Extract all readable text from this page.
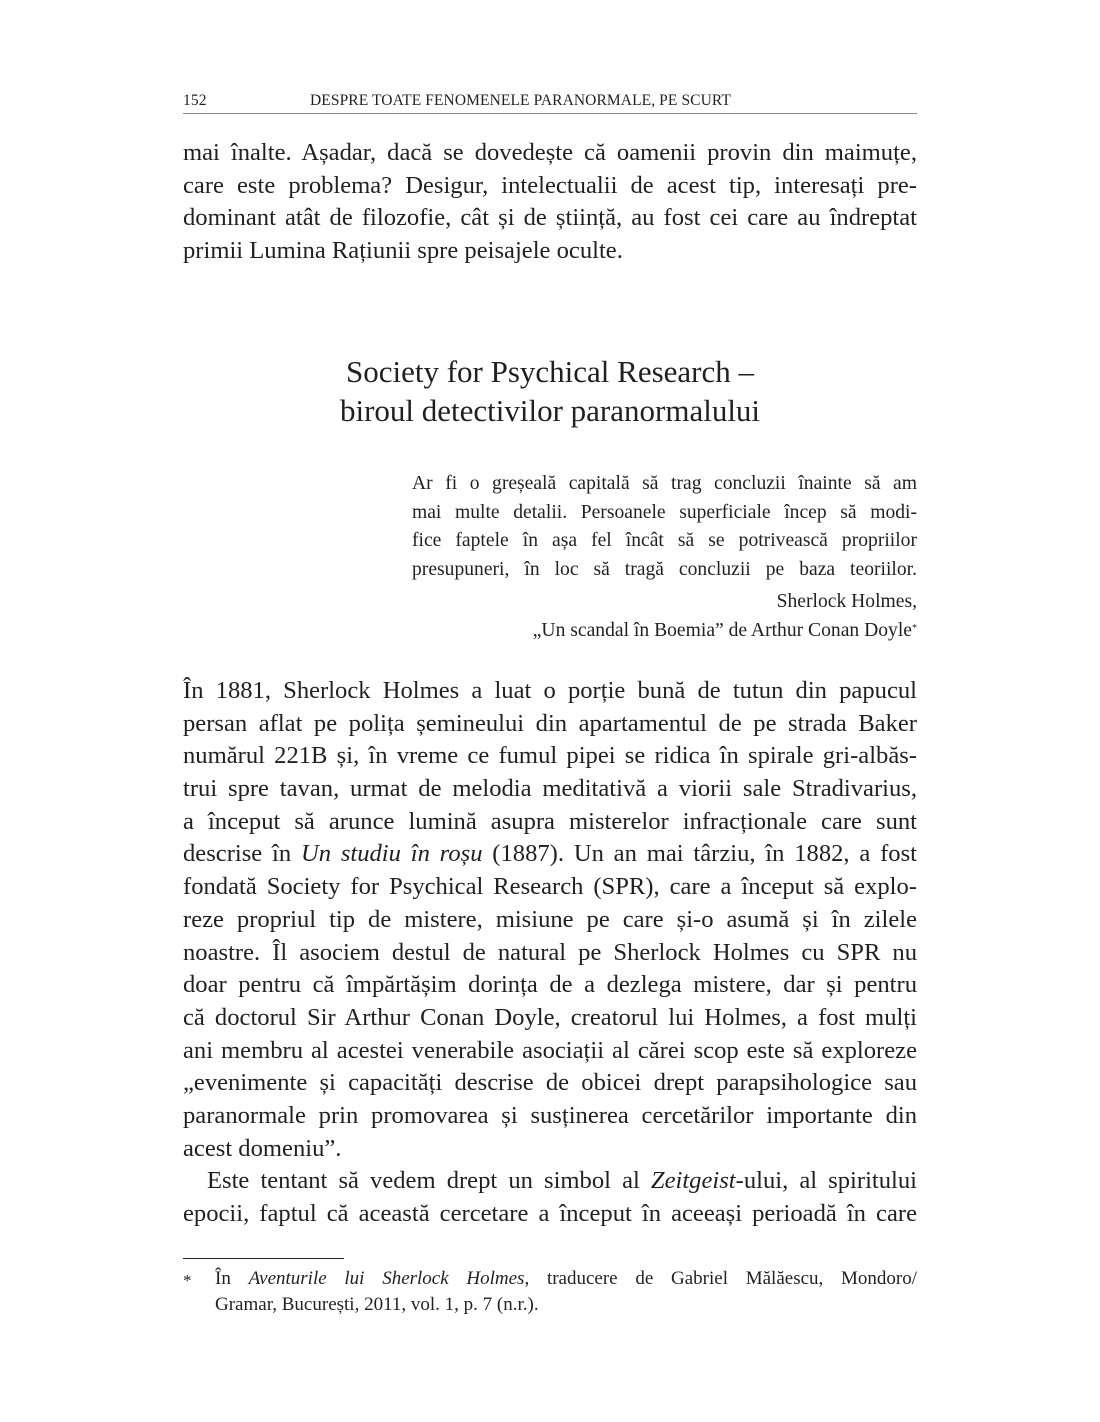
152	DESPRE TOATE FENOMENELE PARANORMALE, PE SCURT
mai înalte. Așadar, dacă se dovedește că oamenii provin din maimuțe,
care este problema? Desigur, intelectualii de acest tip, interesați pre-
dominant atât de filozofie, cât și de știință, au fost cei care au îndreptat
primii Lumina Rațiunii spre peisajele oculte.
Society for Psychical Research –
biroul detectivilor paranormalului
Ar fi o greșeală capitală să trag concluzii înainte să am
mai multe detalii. Persoanele superficiale încep să modi-
fice faptele în așa fel încât să se potrivească propriilor
presupuneri, în loc să tragă concluzii pe baza teoriilor.
Sherlock Holmes,
„Un scandal în Boemia” de Arthur Conan Doyle*
În 1881, Sherlock Holmes a luat o porție bună de tutun din papucul
persan aflat pe polița șemineului din apartamentul de pe strada Baker
numărul 221B și, în vreme ce fumul pipei se ridica în spirale gri-albăs-
trui spre tavan, urmat de melodia meditativă a viorii sale Stradivarius,
a început să arunce lumină asupra misterelor infracționale care sunt
descrise în Un studiu în roșu (1887). Un an mai târziu, în 1882, a fost
fondată Society for Psychical Research (SPR), care a început să explo-
reze propriul tip de mistere, misiune pe care și-o asumă și în zilele
noastre. Îl asociem destul de natural pe Sherlock Holmes cu SPR nu
doar pentru că împărtășim dorința de a dezlega mistere, dar și pentru
că doctorul Sir Arthur Conan Doyle, creatorul lui Holmes, a fost mulți
ani membru al acestei venerabile asociații al cărei scop este să exploreze
„evenimente și capacități descrise de obicei drept parapsihologice sau
paranormale prin promovarea și susținerea cercetărilor importante din
acest domeniu”.
Este tentant să vedem drept un simbol al Zeitgeist-ului, al spiritului
epocii, faptul că această cercetare a început în aceeași perioadă în care
* În Aventurile lui Sherlock Holmes, traducere de Gabriel Mălăescu, Mondoro/
Gramar, București, 2011, vol. 1, p. 7 (n.r.).
